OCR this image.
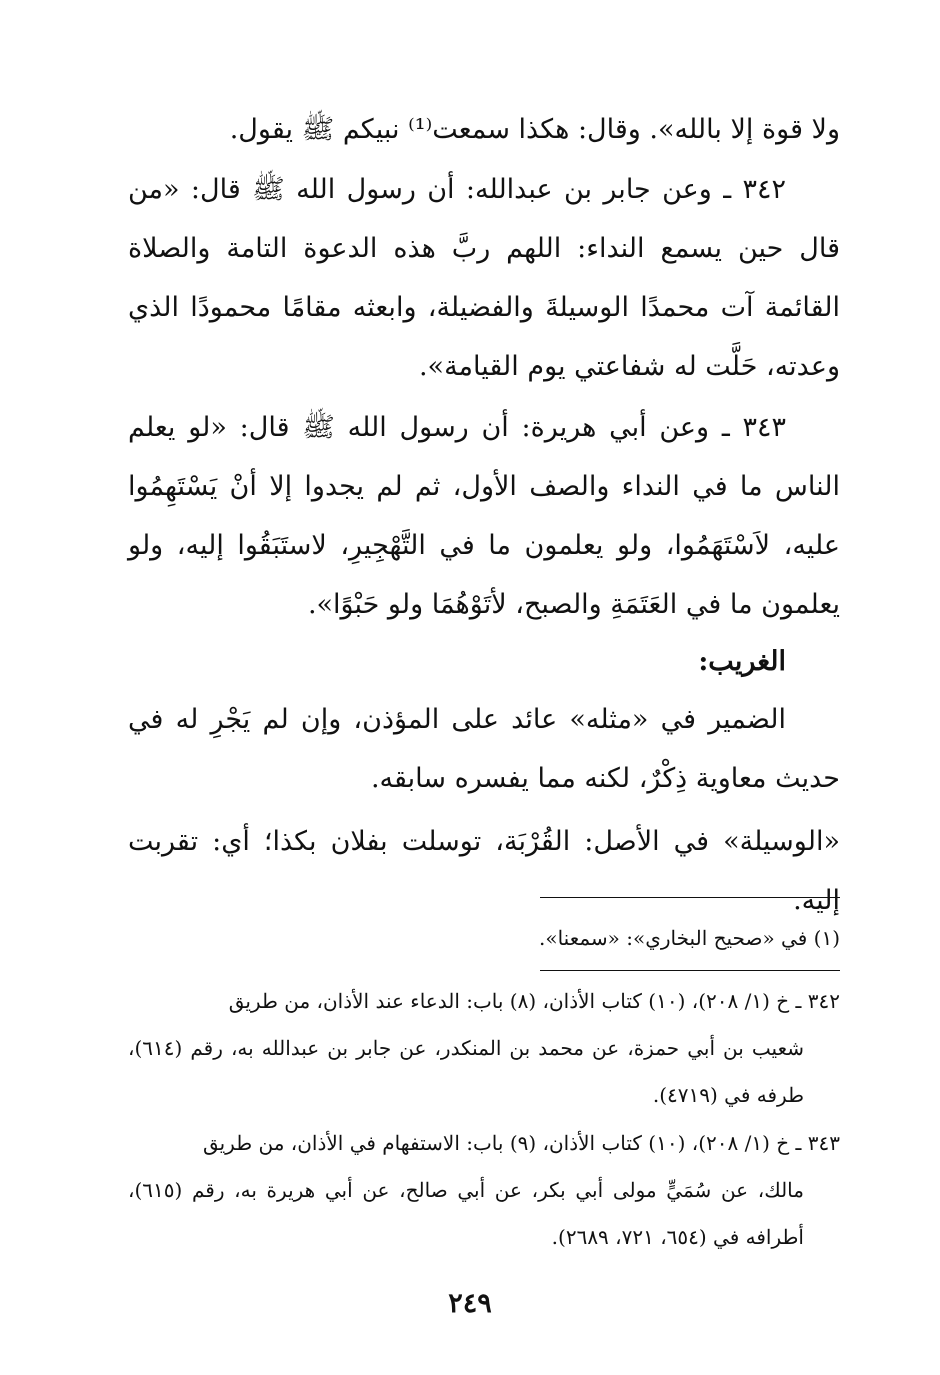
ولا قوة إلا بالله». وقال: هكذا سمعت⁽¹⁾ نبيكم ﷺ يقول.

٣٤٢ ـ وعن جابر بن عبدالله: أن رسول الله ﷺ قال: «من قال حين يسمع النداء: اللهم ربَّ هذه الدعوة التامة والصلاة القائمة آت محمدًا الوسيلةَ والفضيلة، وابعثه مقامًا محمودًا الذي وعدته، حَلَّت له شفاعتي يوم القيامة».

٣٤٣ ـ وعن أبي هريرة: أن رسول الله ﷺ قال: «لو يعلم الناس ما في النداء والصف الأول، ثم لم يجدوا إلا أنْ يَسْتَهِمُوا عليه، لاَسْتَهَمُوا، ولو يعلمون ما في التَّهْجِيرِ، لاستَبَقُوا إليه، ولو يعلمون ما في العَتَمَةِ والصبح، لأتَوْهُمَا ولو حَبْوًا».

الغريب:

الضمير في «مثله» عائد على المؤذن، وإن لم يَجْرِ له في حديث معاوية ذِكْرٌ، لكنه مما يفسره سابقه.

«الوسيلة» في الأصل: القُرْبَة، توسلت بفلان بكذا؛ أي: تقربت إليه.

(١) في «صحيح البخاري»: «سمعنا».

٣٤٢ ـ خ (١/ ٢٠٨)، (١٠) كتاب الأذان، (٨) باب: الدعاء عند الأذان، من طريق
شعيب بن أبي حمزة، عن محمد بن المنكدر، عن جابر بن عبدالله به، رقم (٦١٤)، طرفه في (٤٧١٩).

٣٤٣ ـ خ (١/ ٢٠٨)، (١٠) كتاب الأذان، (٩) باب: الاستفهام في الأذان، من طريق
مالك، عن سُمَيٍّ مولى أبي بكر، عن أبي صالح، عن أبي هريرة به، رقم (٦١٥)، أطرافه في (٦٥٤، ٧٢١، ٢٦٨٩).

٢٤٩
